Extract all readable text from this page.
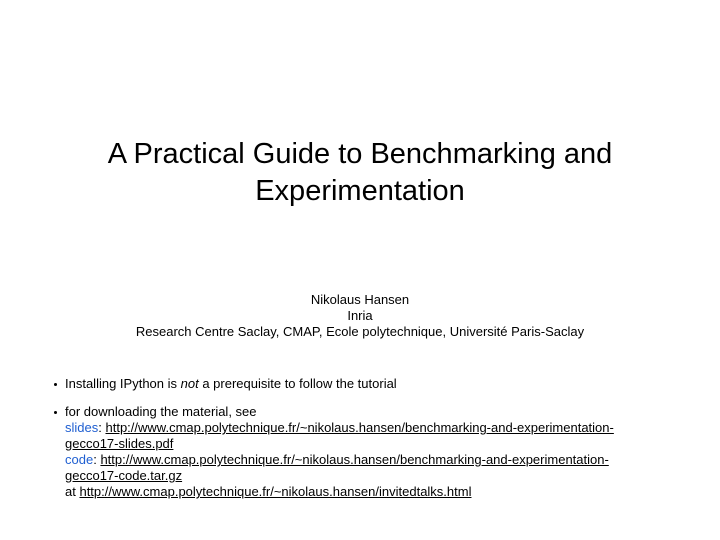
A Practical Guide to Benchmarking and
Experimentation
Nikolaus Hansen
Inria
Research Centre Saclay, CMAP, Ecole polytechnique, Université Paris-Saclay
Installing IPython is not a prerequisite to follow the tutorial
for downloading the material, see
slides: http://www.cmap.polytechnique.fr/~nikolaus.hansen/benchmarking-and-experimentation-
gecco17-slides.pdf
code: http://www.cmap.polytechnique.fr/~nikolaus.hansen/benchmarking-and-experimentation-
gecco17-code.tar.gz
at http://www.cmap.polytechnique.fr/~nikolaus.hansen/invitedtalks.html
